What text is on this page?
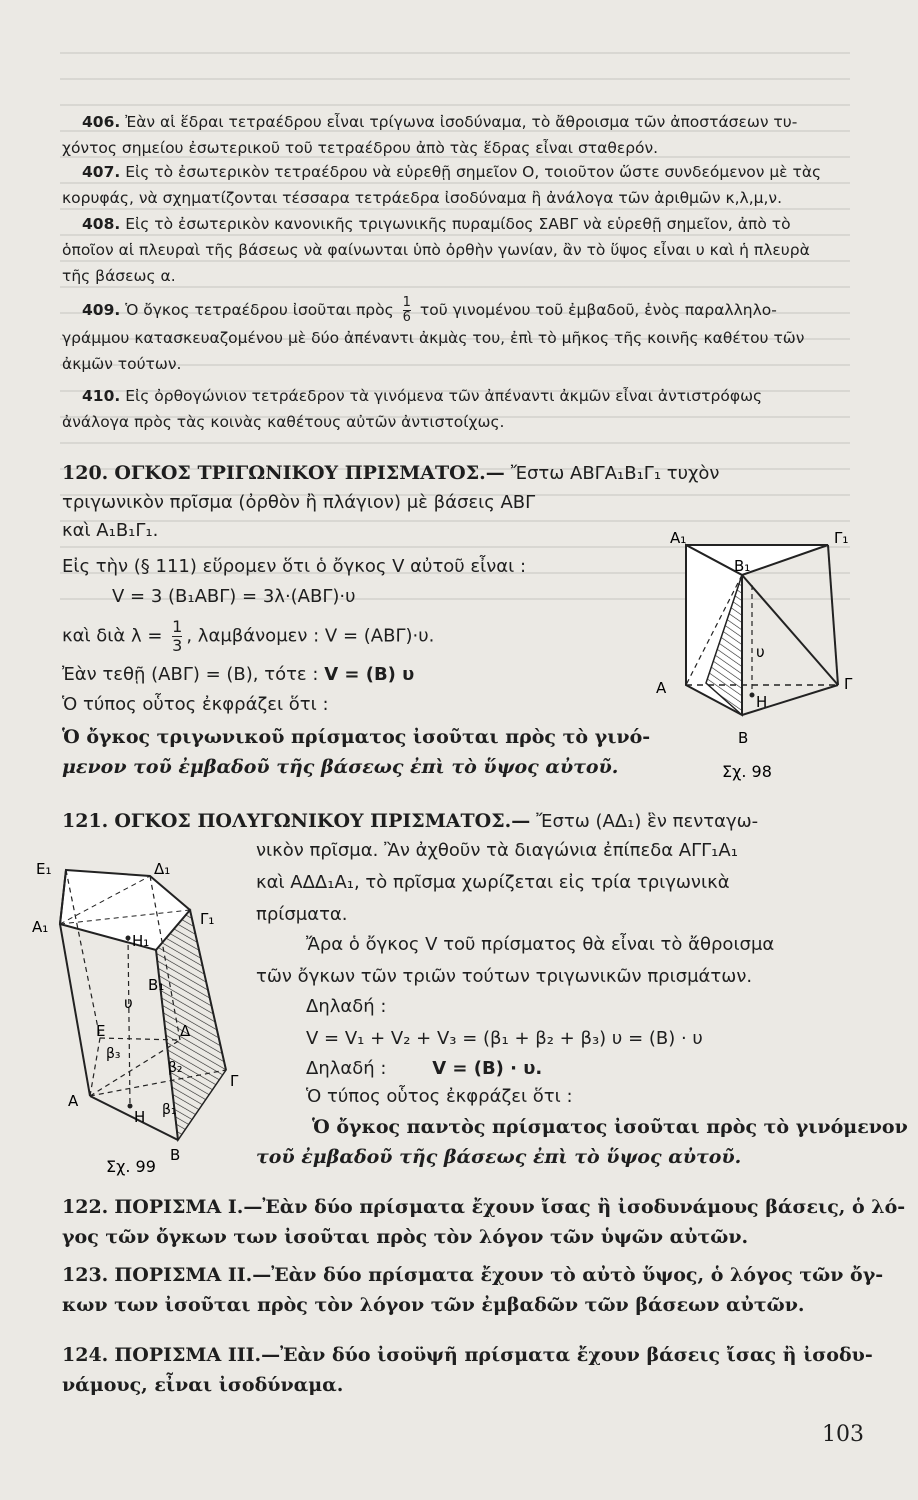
406. Ἐὰν αἱ ἕδραι τετραέδρου εἶναι τρίγωνα ἰσοδύναμα, τὸ ἄθροισμα τῶν ἀποστάσεων τυ-
χόντος σημείου ἐσωτερικοῦ τοῦ τετραέδρου ἀπὸ τὰς ἕδρας εἶναι σταθερόν.
407. Εἰς τὸ ἐσωτερικὸν τετραέδρου νὰ εὑρεθῇ σημεῖον Ο, τοιοῦτον ὥστε συνδεόμενον μὲ τὰς
κορυφάς, νὰ σχηματίζονται τέσσαρα τετράεδρα ἰσοδύναμα ἢ ἀνάλογα τῶν ἀριθμῶν κ,λ,μ,ν.
408. Εἰς τὸ ἐσωτερικὸν κανονικῆς τριγωνικῆς πυραμίδος ΣΑΒΓ νὰ εὑρεθῇ σημεῖον, ἀπὸ τὸ
ὁποῖον αἱ πλευραὶ τῆς βάσεως νὰ φαίνωνται ὑπὸ ὀρθὴν γωνίαν, ἂν τὸ ὕψος εἶναι υ καὶ ἡ πλευρὰ
τῆς βάσεως α.
409. Ὁ ὄγκος τετραέδρου ἰσοῦται πρὸς $\frac{1}{6}$ τοῦ γινομένου τοῦ ἐμβαδοῦ, ἑνὸς παραλληλο-
γράμμου κατασκευαζομένου μὲ δύο ἀπέναντι ἀκμὰς του, ἐπὶ τὸ μῆκος τῆς κοινῆς καθέτου τῶν
ἀκμῶν τούτων.
410. Εἰς ὀρθογώνιον τετράεδρον τὰ γινόμενα τῶν ἀπέναντι ἀκμῶν εἶναι ἀντιστρόφως
ἀνάλογα πρὸς τὰς κοινὰς καθέτους αὐτῶν ἀντιστοίχως.
120. ΟΓΚΟΣ ΤΡΙΓΩΝΙΚΟΥ ΠΡΙΣΜΑΤΟΣ.— Ἔστω ΑΒΓΑ₁Β₁Γ₁ τυχὸν
τριγωνικὸν πρῖσμα (ὀρθὸν ἢ πλάγιον) μὲ βάσεις ΑΒΓ
καὶ Α₁Β₁Γ₁.
Εἰς τὴν (§ 111) εὕρομεν ὅτι ὁ ὄγκος V αὐτοῦ εἶναι :
V = 3 (Β₁ΑΒΓ) = 3λ·(ΑΒΓ)·υ
καὶ διὰ $\lambda = \frac{1}{3}$ , λαμβάνομεν : V = (ΑΒΓ)·υ.
Ἐὰν τεθῇ (ΑΒΓ) = (Β), τότε : V = (Β) υ
Ὁ τύπος οὗτος ἐκφράζει ὅτι :
Ὁ ὄγκος τριγωνικοῦ πρίσματος ἰσοῦται πρὸς τὸ γινό-
μενον τοῦ ἐμβαδοῦ τῆς βάσεως ἐπὶ τὸ ὕψος αὐτοῦ.
Α₁	Γ₁
Β₁
υ
Α	Γ
Η
Β
Σχ. 98
121. ΟΓΚΟΣ ΠΟΛΥΓΩΝΙΚΟΥ ΠΡΙΣΜΑΤΟΣ.— Ἔστω (ΑΔ₁) ἓν πενταγω-
νικὸν πρῖσμα. Ἂν ἀχθοῦν τὰ διαγώνια ἐπίπεδα ΑΓΓ₁Α₁
καὶ ΑΔΔ₁Α₁, τὸ πρῖσμα χωρίζεται εἰς τρία τριγωνικὰ
πρίσματα.
Ἄρα ὁ ὄγκος V τοῦ πρίσματος θὰ εἶναι τὸ ἄθροισμα
τῶν ὄγκων τῶν τριῶν τούτων τριγωνικῶν πρισμάτων.
Δηλαδή :
V = V₁ + V₂ + V₃ = (β₁ + β₂ + β₃) υ = (Β) · υ
Δηλαδή :	V = (Β) · υ.
Ὁ τύπος οὗτος ἐκφράζει ὅτι :
Ὁ ὄγκος παντὸς πρίσματος ἰσοῦται πρὸς τὸ γινόμενον
τοῦ ἐμβαδοῦ τῆς βάσεως ἐπὶ τὸ ὕψος αὐτοῦ.
Ε₁	Δ₁
Α₁	Γ₁
Η₁
Β₁
υ
Ε	Δ
β₃
β₂
β₁
Α
Η
Γ
Β
Σχ. 99
122. ΠΟΡΙΣΜΑ Ι.—Ἐὰν δύο πρίσματα ἔχουν ἴσας ἢ ἰσοδυνάμους βάσεις, ὁ λό-
γος τῶν ὄγκων των ἰσοῦται πρὸς τὸν λόγον τῶν ὑψῶν αὐτῶν.
123. ΠΟΡΙΣΜΑ ΙΙ.—Ἐὰν δύο πρίσματα ἔχουν τὸ αὐτὸ ὕψος, ὁ λόγος τῶν ὄγ-
κων των ἰσοῦται πρὸς τὸν λόγον τῶν ἐμβαδῶν τῶν βάσεων αὐτῶν.
124. ΠΟΡΙΣΜΑ ΙΙΙ.—Ἐὰν δύο ἰσοϋψῆ πρίσματα ἔχουν βάσεις ἴσας ἢ ἰσοδυ-
νάμους, εἶναι ἰσοδύναμα.
103
